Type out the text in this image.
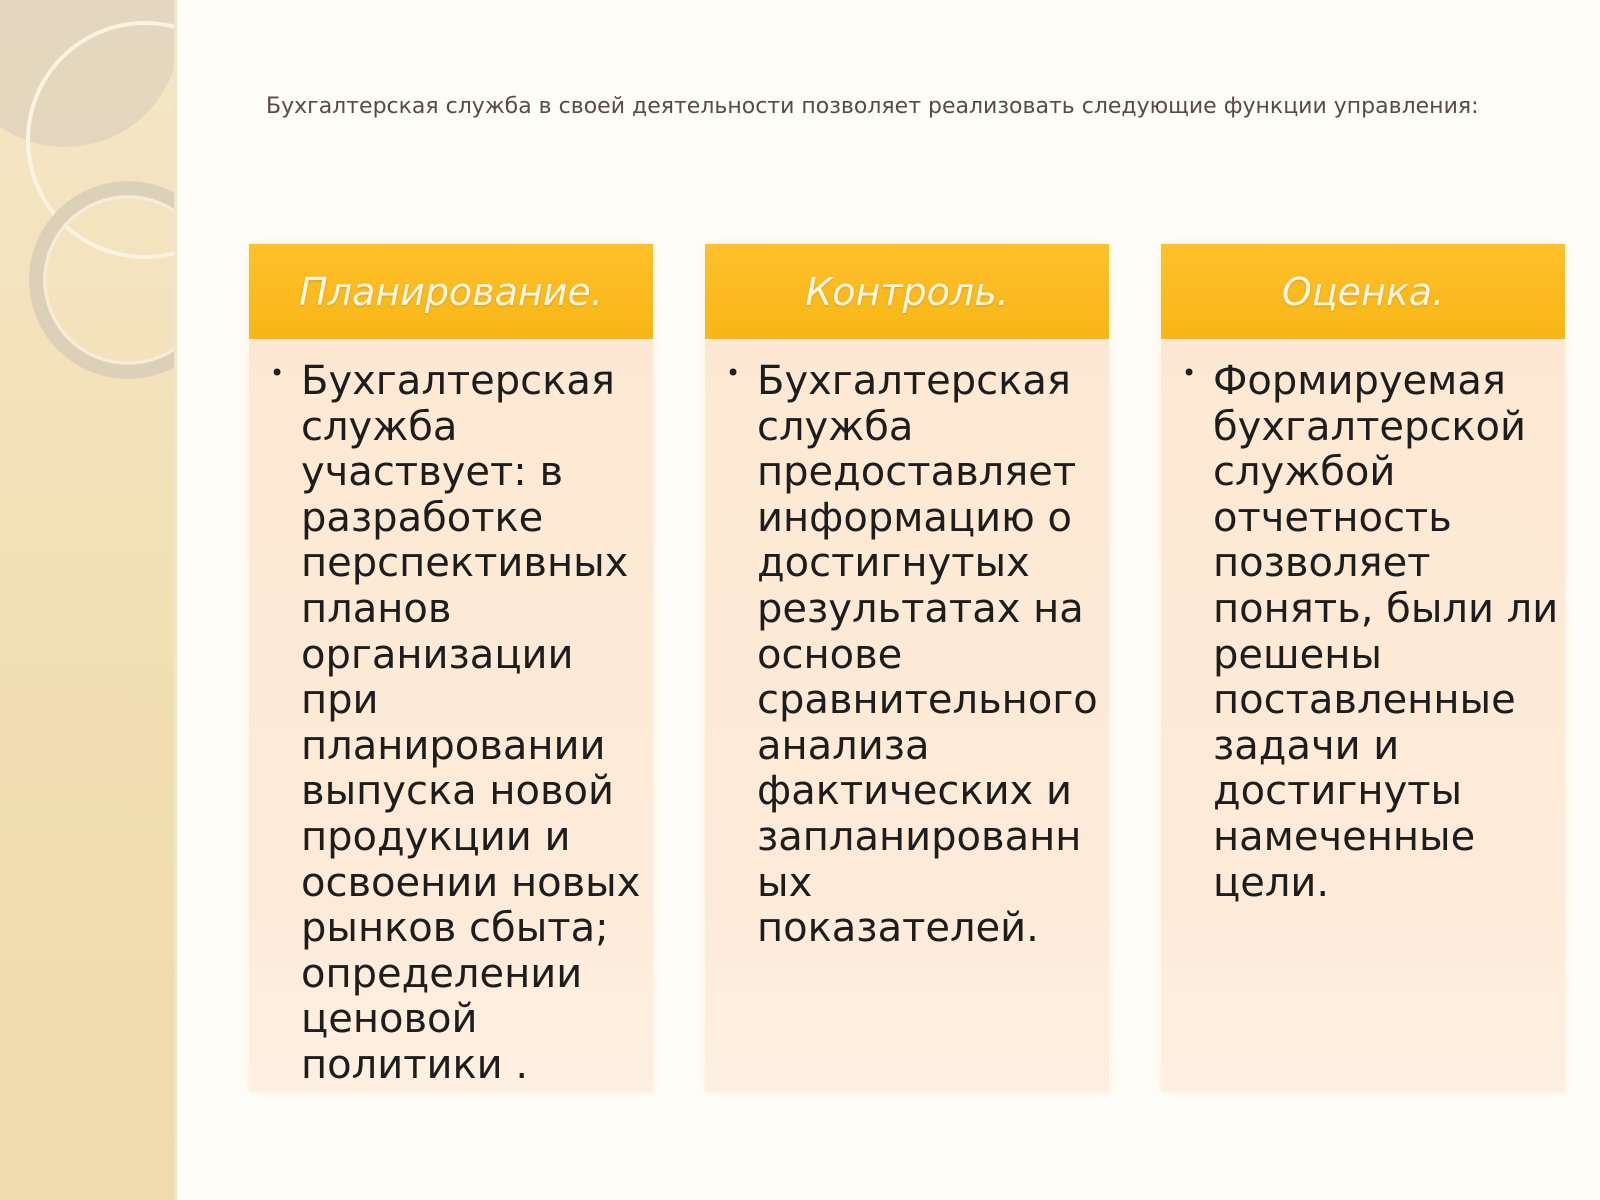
Бухгалтерская служба в своей деятельности позволяет реализовать следующие функции управления:
Планирование.
• Бухгалтерская служба участвует: в разработке перспективных планов организации при планировании выпуска новой продукции и освоении новых рынков сбыта; определении ценовой политики .
Контроль.
• Бухгалтерская служба предоставляет информацию о достигнутых результатах на основе сравнительного анализа фактических и запланированных показателей.
Оценка.
• Формируемая бухгалтерской службой отчетность позволяет понять, были ли решены поставленные задачи и достигнуты намеченные цели.
